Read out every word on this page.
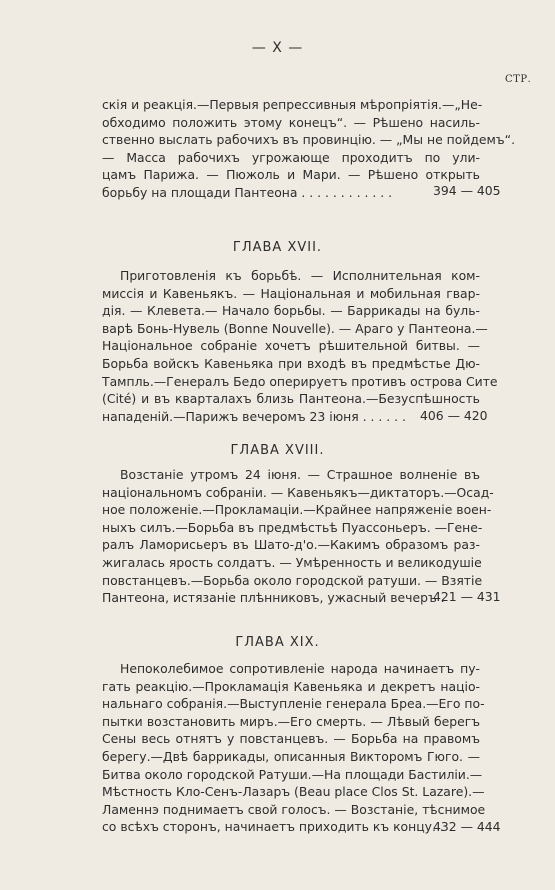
— X —
СТР.
скія и реакція.—Первыя репрессивныя мѣропріятія.—„Не-
обходимо положить этому конецъ“. — Рѣшено насиль-
ственно выслать рабочихъ въ провинцію. — „Мы не пойдемъ“.
— Масса рабочихъ угрожающе проходитъ по ули-
цамъ Парижа. — Пюжоль и Мари. — Рѣшено открыть
борьбу на площади Пантеона . . . . . . . . . . . .	394 — 405
ГЛАВА XVII.
Приготовленія къ борьбѣ. — Исполнительная ком-
миссія и Кавеньякъ. — Національная и мобильная гвар-
дія. — Клевета.— Начало борьбы. — Баррикады на буль-
варѣ Бонь-Нувель (Bonne Nouvelle). — Араго у Пантеона.—
Національное собраніе хочетъ рѣшительной битвы. —
Борьба войскъ Кавеньяка при входѣ въ предмѣстье Дю-
Тампль.—Генералъ Бедо оперируетъ противъ острова Сите
(Cité) и въ кварталахъ близь Пантеона.—Безуспѣшность
нападеній.—Парижъ вечеромъ 23 іюня . . . . . .	406 — 420
ГЛАВА XVIII.
Возстаніе утромъ 24 іюня. — Страшное волненіе въ
національномъ собраніи. — Кавеньякъ—диктаторъ.—Осад-
ное положеніе.—Прокламаціи.—Крайнее напряженіе воен-
ныхъ силъ.—Борьба въ предмѣстьѣ Пуассоньеръ. —Гене-
ралъ Ламорисьеръ въ Шато-д'о.—Какимъ образомъ раз-
жигалась ярость солдатъ. — Умѣренность и великодушіе
повстанцевъ.—Борьба около городской ратуши. — Взятіе
Пантеона, истязаніе плѣнниковъ, ужасный вечеръ .
421 — 431
ГЛАВА XIX.
Непоколебимое сопротивленіе народа начинаетъ пу-
гать реакцію.—Прокламація Кавеньяка и декретъ націо-
нальнаго собранія.—Выступленіе генерала Бреа.—Его по-
пытки возстановить миръ.—Его смерть. — Лѣвый берегъ
Сены весь отнятъ у повстанцевъ. — Борьба на правомъ
берегу.—Двѣ баррикады, описанныя Викторомъ Гюго. —
Битва около городской Ратуши.—На площади Бастиліи.—
Мѣстность Кло-Сенъ-Лазаръ (Beau place Clos St. Lazare).—
Ламеннэ поднимаетъ свой голосъ. — Возстаніе, тѣснимое
со всѣхъ сторонъ, начинаетъ приходить къ концу. .
432 — 444
